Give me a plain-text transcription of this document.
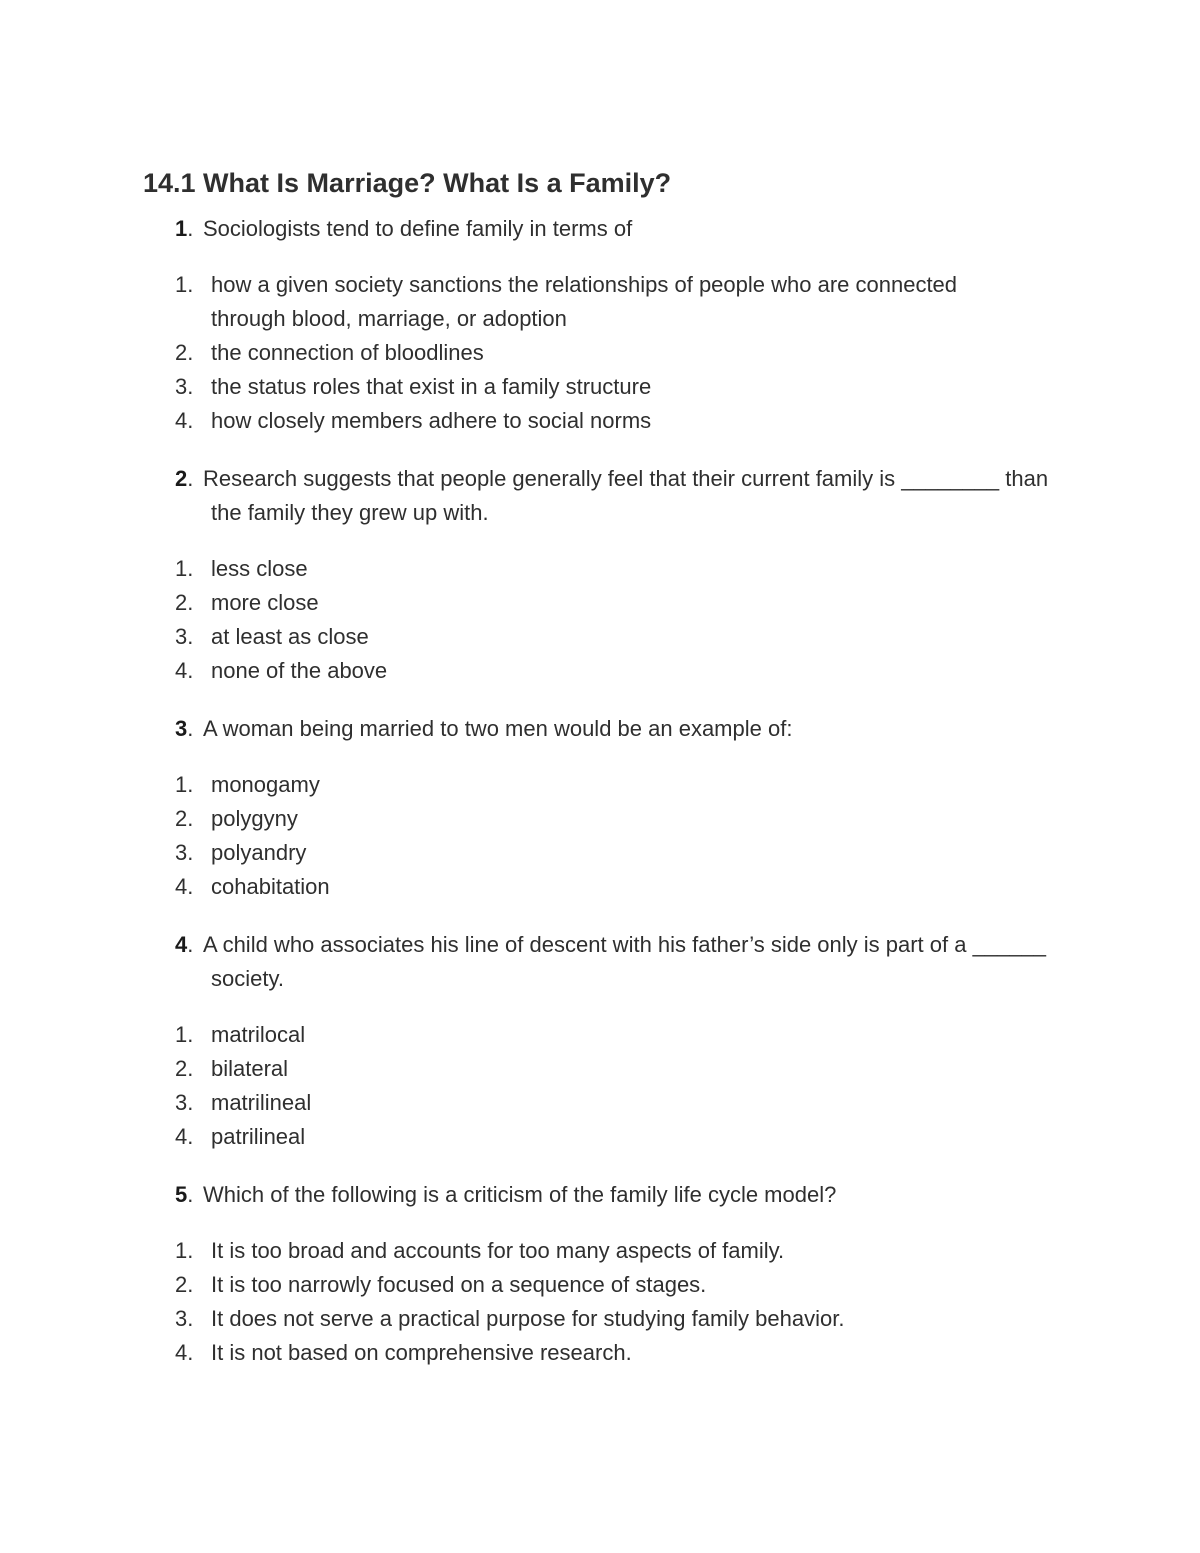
14.1 What Is Marriage? What Is a Family?

1. Sociologists tend to define family in terms of

1. how a given society sanctions the relationships of people who are connected through blood, marriage, or adoption
2. the connection of bloodlines
3. the status roles that exist in a family structure
4. how closely members adhere to social norms

2. Research suggests that people generally feel that their current family is ________ than the family they grew up with.

1. less close
2. more close
3. at least as close
4. none of the above

3. A woman being married to two men would be an example of:

1. monogamy
2. polygyny
3. polyandry
4. cohabitation

4. A child who associates his line of descent with his father’s side only is part of a ______ society.

1. matrilocal
2. bilateral
3. matrilineal
4. patrilineal

5. Which of the following is a criticism of the family life cycle model?

1. It is too broad and accounts for too many aspects of family.
2. It is too narrowly focused on a sequence of stages.
3. It does not serve a practical purpose for studying family behavior.
4. It is not based on comprehensive research.
